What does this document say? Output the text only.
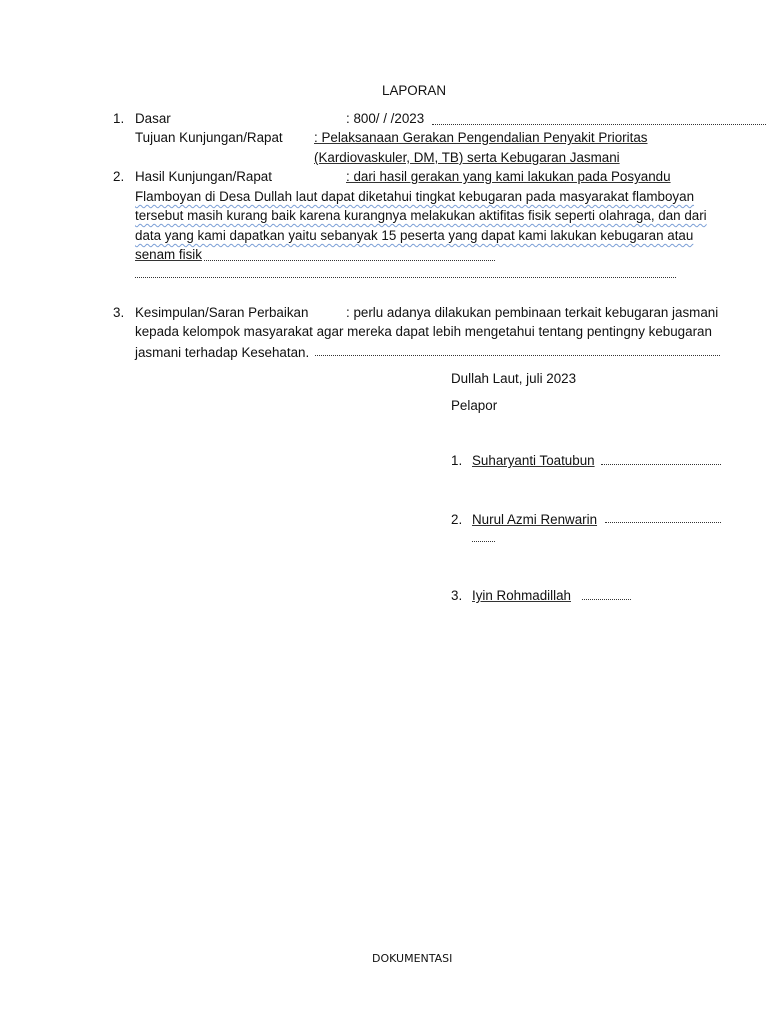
LAPORAN
1. Dasar	: 800/ / /2023
Tujuan Kunjungan/Rapat : Pelaksanaan Gerakan Pengendalian Penyakit Prioritas
(Kardiovaskuler, DM, TB) serta Kebugaran Jasmani
2. Hasil Kunjungan/Rapat	: dari hasil gerakan yang kami lakukan pada Posyandu
Flamboyan di Desa Dullah laut dapat diketahui tingkat kebugaran pada masyarakat flamboyan
tersebut masih kurang baik karena kurangnya melakukan aktifitas fisik seperti olahraga, dan dari
data yang kami dapatkan yaitu sebanyak 15 peserta yang dapat kami lakukan kebugaran atau
senam fisik
3. Kesimpulan/Saran Perbaikan	: perlu adanya dilakukan pembinaan terkait kebugaran jasmani
kepada kelompok masyarakat agar mereka dapat lebih mengetahui tentang pentingny kebugaran
jasmani terhadap Kesehatan.
Dullah Laut, juli 2023
Pelapor
1. Suharyanti Toatubun
2. Nurul Azmi Renwarin
3. Iyin Rohmadillah
DOKUMENTASI
